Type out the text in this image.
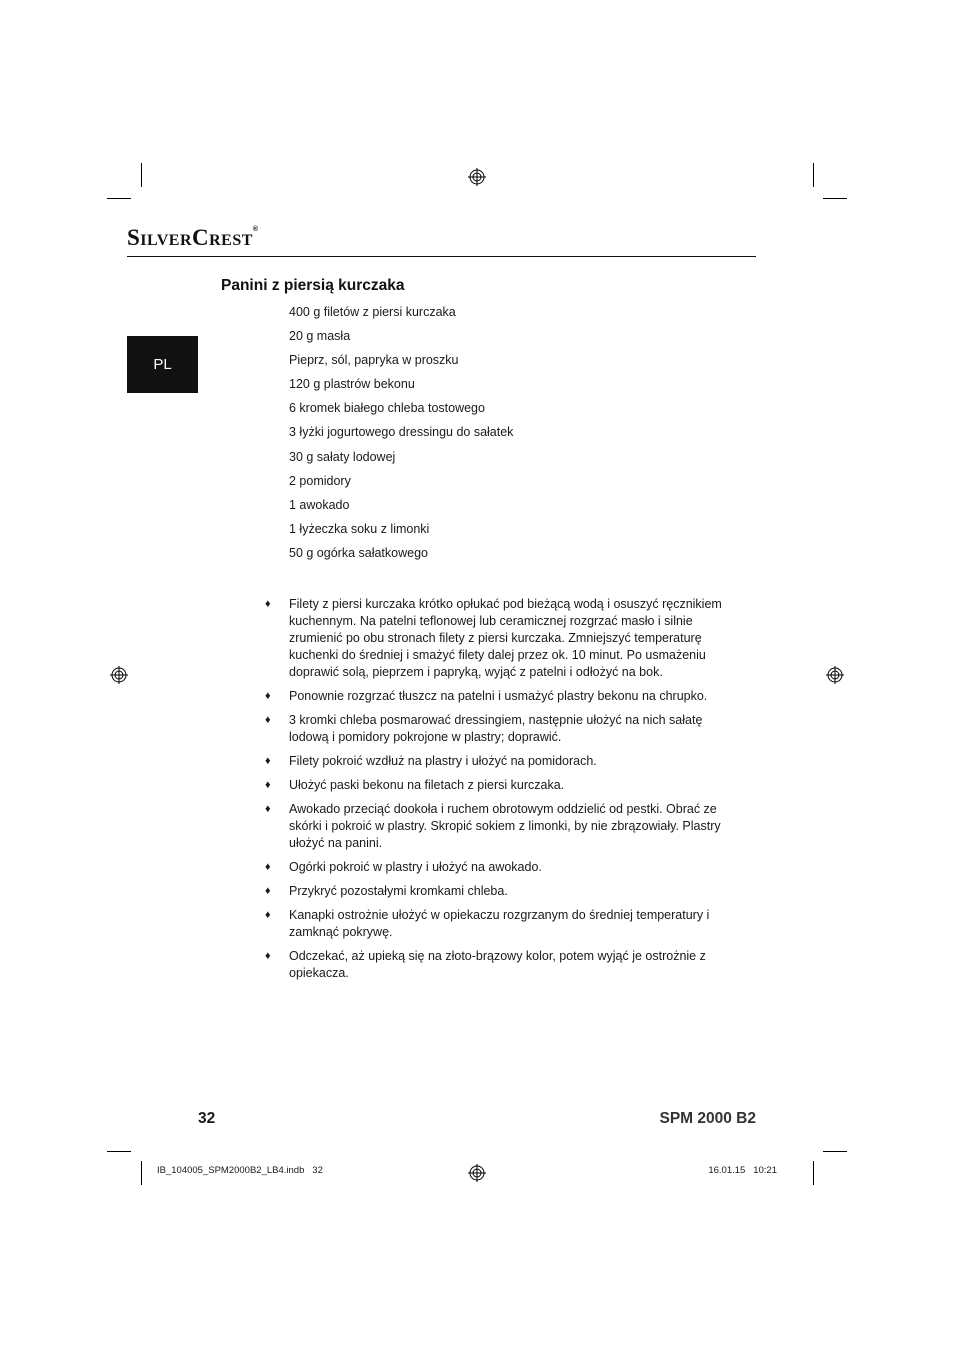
SilverCrest®
PL
Panini z piersią kurczaka
400 g filetów z piersi kurczaka
20 g masła
Pieprz, sól, papryka w proszku
120 g plastrów bekonu
6 kromek białego chleba tostowego
3 łyżki jogurtowego dressingu do sałatek
30 g sałaty lodowej
2 pomidory
1 awokado
1 łyżeczka soku z limonki
50 g ogórka sałatkowego
♦ Filety z piersi kurczaka krótko opłukać pod bieżącą wodą i osuszyć ręcznikiem kuchennym. Na patelni teflonowej lub ceramicznej rozgrzać masło i silnie zrumienić po obu stronach filety z piersi kurczaka. Zmniejszyć temperaturę kuchenki do średniej i smażyć filety dalej przez ok. 10 minut. Po usmażeniu doprawić solą, pieprzem i papryką, wyjąć z patelni i odłożyć na bok.
♦ Ponownie rozgrzać tłuszcz na patelni i usmażyć plastry bekonu na chrupko.
♦ 3 kromki chleba posmarować dressingiem, następnie ułożyć na nich sałatę lodową i pomidory pokrojone w plastry; doprawić.
♦ Filety pokroić wzdłuż na plastry i ułożyć na pomidorach.
♦ Ułożyć paski bekonu na filetach z piersi kurczaka.
♦ Awokado przeciąć dookoła i ruchem obrotowym oddzielić od pestki. Obrać ze skórki i pokroić w plastry. Skropić sokiem z limonki, by nie zbrązowiały. Plastry ułożyć na panini.
♦ Ogórki pokroić w plastry i ułożyć na awokado.
♦ Przykryć pozostałymi kromkami chleba.
♦ Kanapki ostrożnie ułożyć w opiekaczu rozgrzanym do średniej temperatury i zamknąć pokrywę.
♦ Odczekać, aż upieką się na złoto-brązowy kolor, potem wyjąć je ostrożnie z opiekacza.
32	SPM 2000 B2
IB_104005_SPM2000B2_LB4.indb   32	16.01.15   10:21
